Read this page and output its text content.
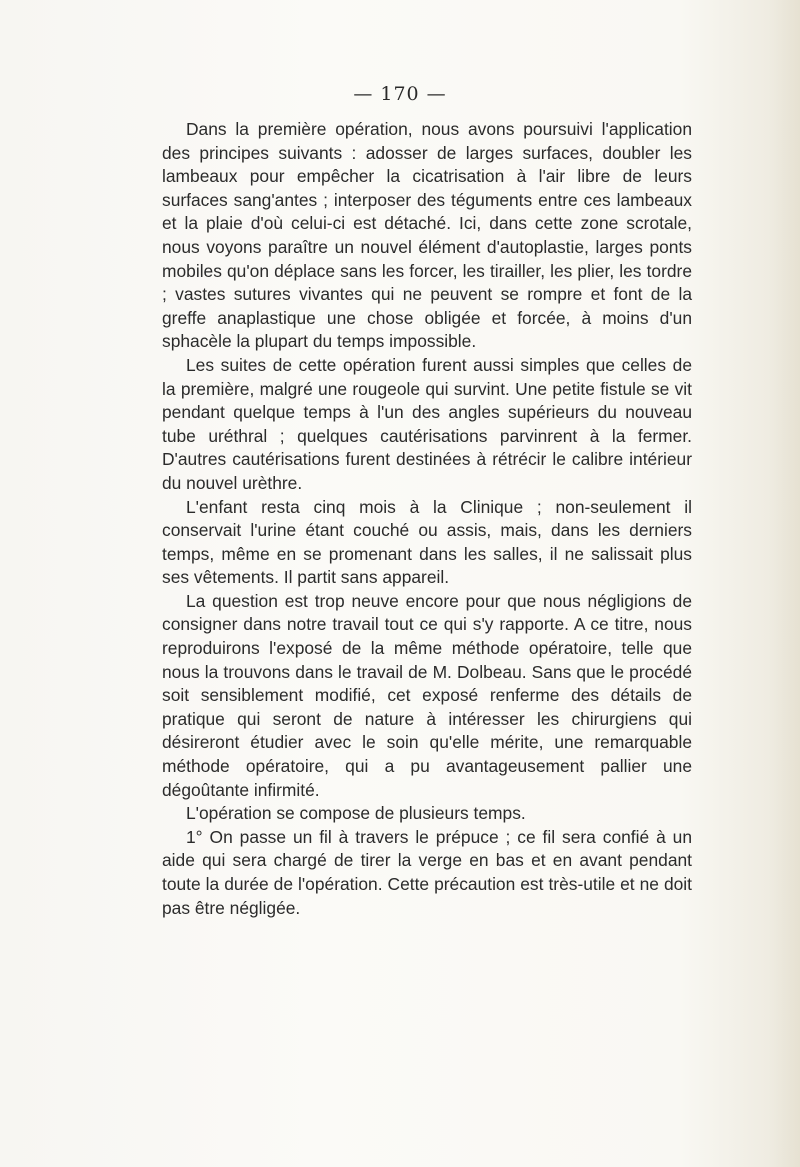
— 170 —

Dans la première opération, nous avons poursuivi l'application des principes suivants : adosser de larges surfaces, doubler les lambeaux pour empêcher la cicatrisation à l'air libre de leurs surfaces sang'antes ; interposer des téguments entre ces lambeaux et la plaie d'où celui-ci est détaché. Ici, dans cette zone scrotale, nous voyons paraître un nouvel élément d'autoplastie, larges ponts mobiles qu'on déplace sans les forcer, les tirailler, les plier, les tordre ; vastes sutures vivantes qui ne peuvent se rompre et font de la greffe anaplastique une chose obligée et forcée, à moins d'un sphacèle la plupart du temps impossible.

Les suites de cette opération furent aussi simples que celles de la première, malgré une rougeole qui survint. Une petite fistule se vit pendant quelque temps à l'un des angles supérieurs du nouveau tube uréthral ; quelques cautérisations parvinrent à la fermer. D'autres cautérisations furent destinées à rétrécir le calibre intérieur du nouvel urèthre.

L'enfant resta cinq mois à la Clinique ; non-seulement il conservait l'urine étant couché ou assis, mais, dans les derniers temps, même en se promenant dans les salles, il ne salissait plus ses vêtements. Il partit sans appareil.

La question est trop neuve encore pour que nous négligions de consigner dans notre travail tout ce qui s'y rapporte. A ce titre, nous reproduirons l'exposé de la même méthode opératoire, telle que nous la trouvons dans le travail de M. Dolbeau. Sans que le procédé soit sensiblement modifié, cet exposé renferme des détails de pratique qui seront de nature à intéresser les chirurgiens qui désireront étudier avec le soin qu'elle mérite, une remarquable méthode opératoire, qui a pu avantageusement pallier une dégoûtante infirmité.

L'opération se compose de plusieurs temps.

1° On passe un fil à travers le prépuce ; ce fil sera confié à un aide qui sera chargé de tirer la verge en bas et en avant pendant toute la durée de l'opération. Cette précaution est très-utile et ne doit pas être négligée.
